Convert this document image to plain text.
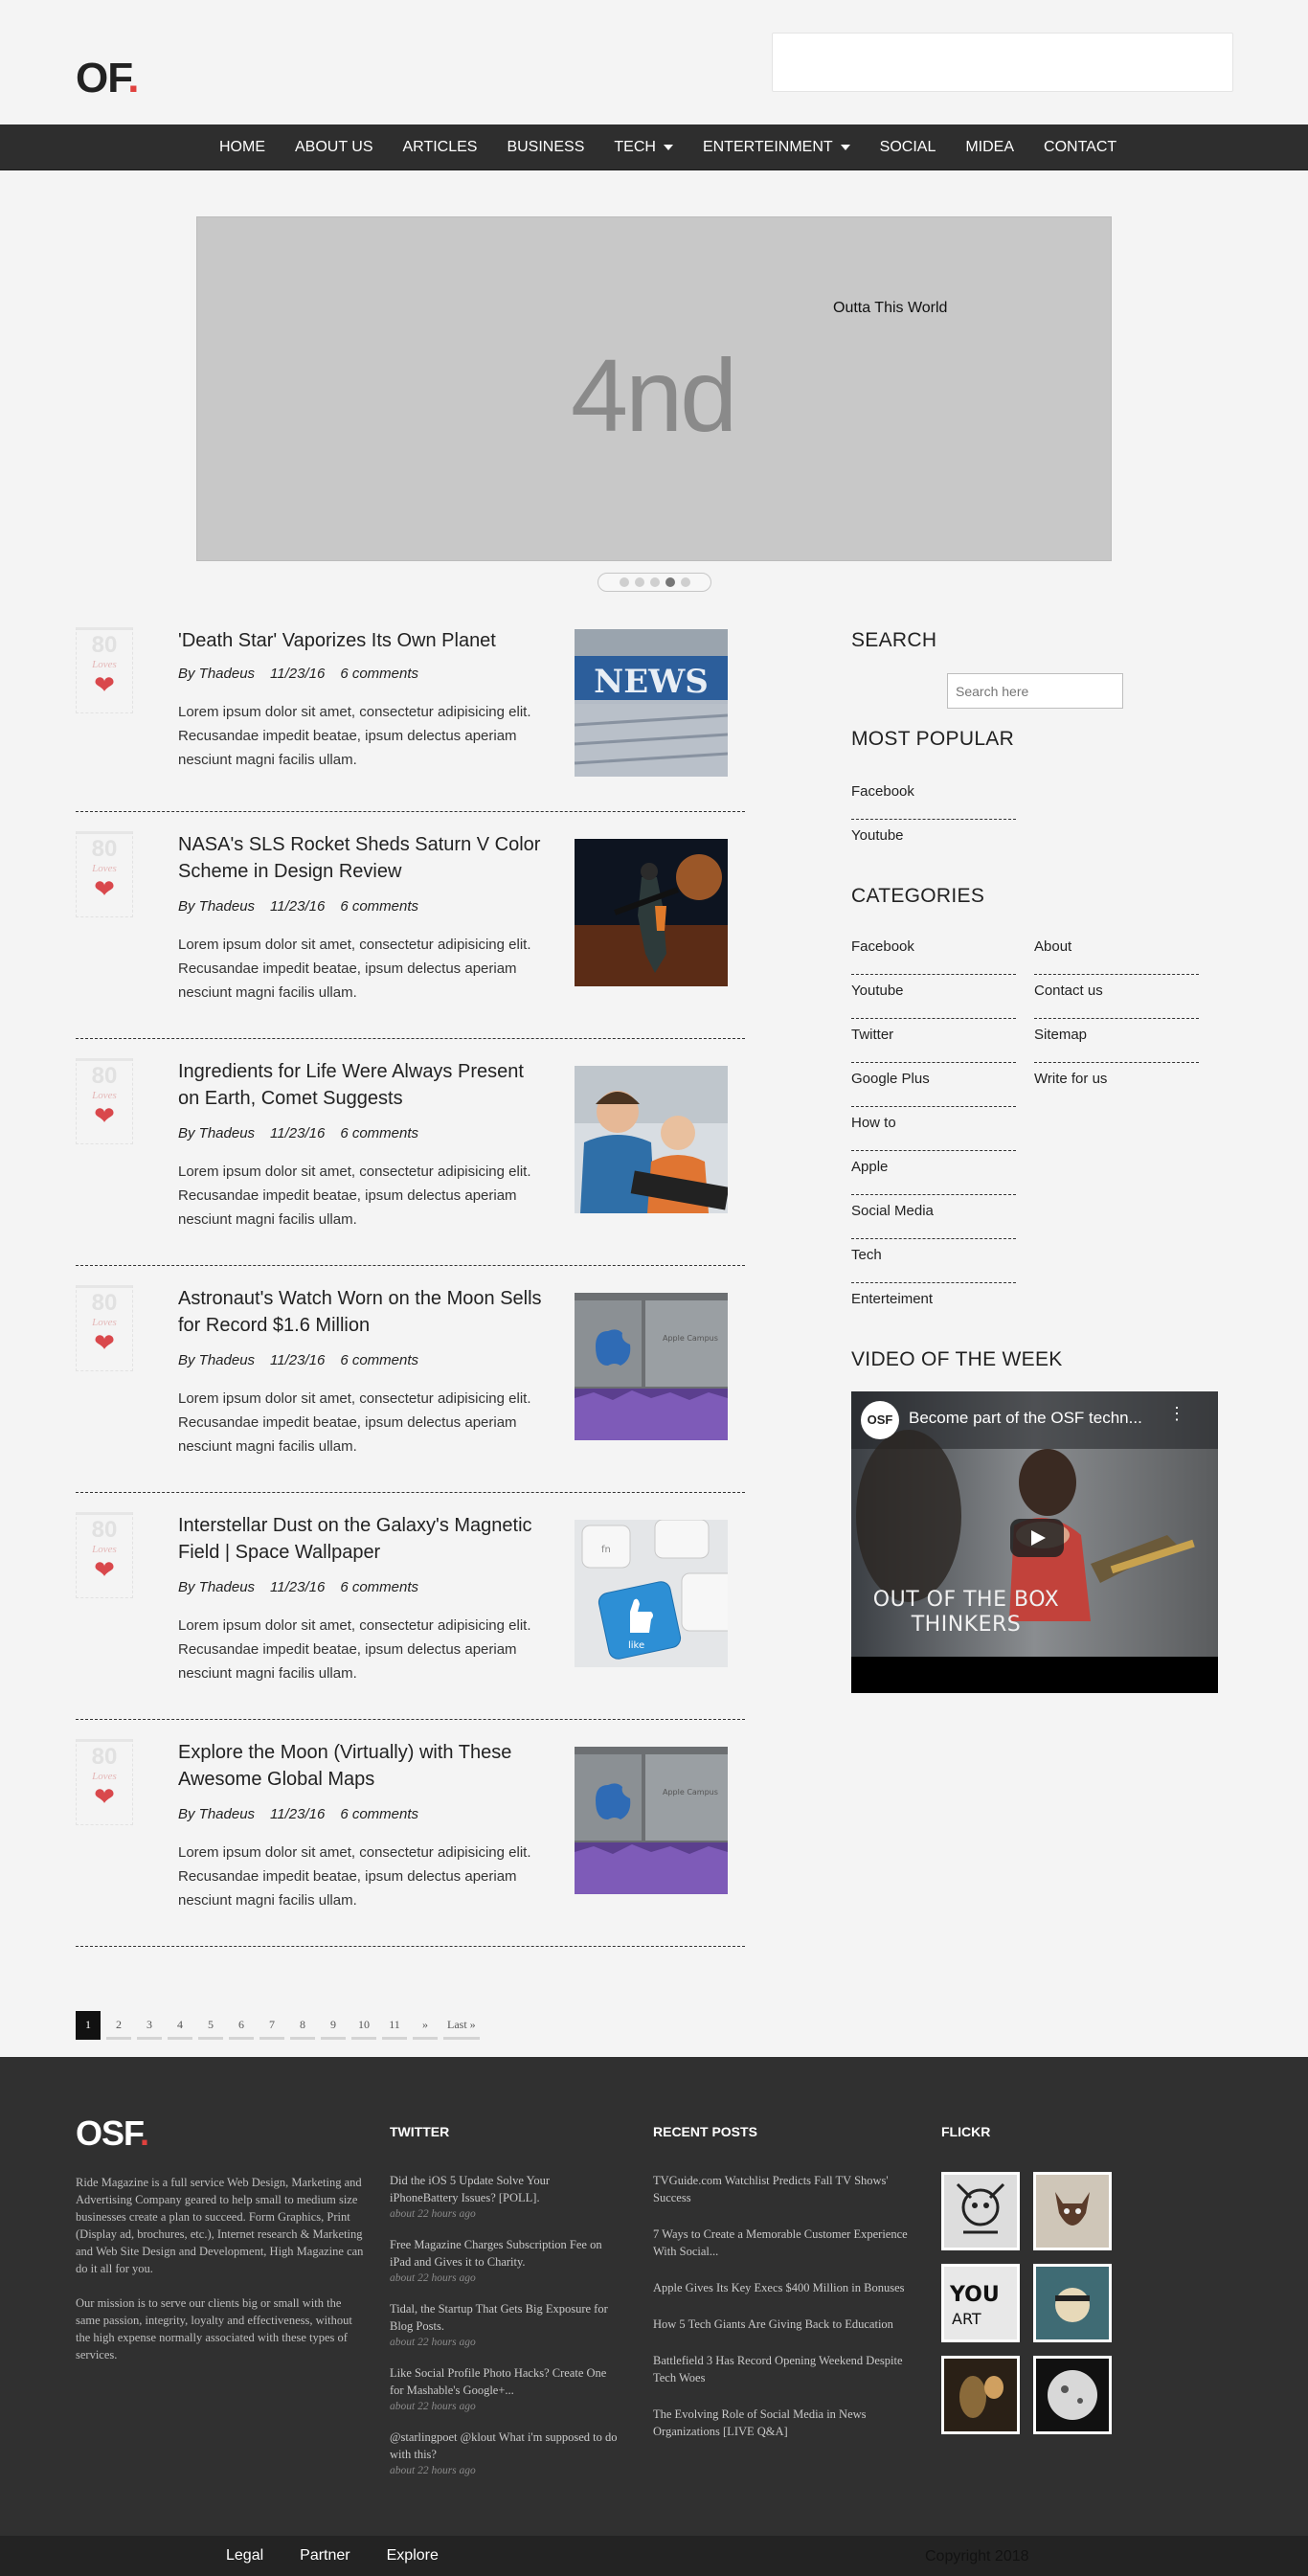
OF.
HOME ABOUT US ARTICLES BUSINESS TECH	ENTERTEINMENT	SOCIAL MIDEA CONTACT
4nd
Outta This World
80
Loves
❤
'Death Star' Vaporizes Its Own Planet
By Thadeus 11/23/16 6 comments

Lorem ipsum dolor sit amet, consectetur adipisicing elit. Recusandae impedit beatae, ipsum delectus aperiam nesciunt magni facilis ullam.

NEWS
80
Loves
❤
NASA's SLS Rocket Sheds Saturn V Color Scheme in Design Review
By Thadeus 11/23/16 6 comments

Lorem ipsum dolor sit amet, consectetur adipisicing elit. Recusandae impedit beatae, ipsum delectus aperiam nesciunt magni facilis ullam.

80
Loves
❤
Ingredients for Life Were Always Present on Earth, Comet Suggests
By Thadeus 11/23/16 6 comments

Lorem ipsum dolor sit amet, consectetur adipisicing elit. Recusandae impedit beatae, ipsum delectus aperiam nesciunt magni facilis ullam.

80
Loves
❤
Astronaut's Watch Worn on the Moon Sells for Record $1.6 Million
By Thadeus 11/23/16 6 comments

Lorem ipsum dolor sit amet, consectetur adipisicing elit. Recusandae impedit beatae, ipsum delectus aperiam nesciunt magni facilis ullam.

Apple Campus
80
Loves
❤
Interstellar Dust on the Galaxy's Magnetic Field | Space Wallpaper
By Thadeus 11/23/16 6 comments

Lorem ipsum dolor sit amet, consectetur adipisicing elit. Recusandae impedit beatae, ipsum delectus aperiam nesciunt magni facilis ullam.

fn
like
80
Loves
❤
Explore the Moon (Virtually) with These Awesome Global Maps
By Thadeus 11/23/16 6 comments

Lorem ipsum dolor sit amet, consectetur adipisicing elit. Recusandae impedit beatae, ipsum delectus aperiam nesciunt magni facilis ullam.

Apple Campus
1	2	3	4	5	6	7	8	9	10	11	»	Last »
SEARCH
Search here
MOST POPULAR
Facebook
Youtube
CATEGORIES
Facebook
Youtube
Twitter
Google Plus
How to
Apple
Social Media
Tech
Enterteiment
About
Contact us
Sitemap
Write for us
VIDEO OF THE WEEK
OSF Become part of the OSF techn... ⋮
OUT OF THE BOX THINKERS
OSF.

Ride Magazine is a full service Web Design, Marketing and Advertising Company geared to help small to medium size businesses create a plan to succeed. Form Graphics, Print (Display ad, brochures, etc.), Internet research & Marketing and Web Site Design and Development, High Magazine can do it all for you.

Our mission is to serve our clients big or small with the same passion, integrity, loyalty and effectiveness, without the high expense normally associated with these types of services.

TWITTER
Did the iOS 5 Update Solve Your iPhoneBattery Issues? [POLL].
about 22 hours ago
Free Magazine Charges Subscription Fee on iPad and Gives it to Charity.
about 22 hours ago
Tidal, the Startup That Gets Big Exposure for Blog Posts.
about 22 hours ago
Like Social Profile Photo Hacks? Create One for Mashable's Google+...
about 22 hours ago
@starlingpoet @klout What i'm supposed to do with this?
about 22 hours ago
RECENT POSTS
TVGuide.com Watchlist Predicts Fall TV Shows' Success
7 Ways to Create a Memorable Customer Experience With Social...
Apple Gives Its Key Execs $400 Million in Bonuses
How 5 Tech Giants Are Giving Back to Education
Battlefield 3 Has Record Opening Weekend Despite Tech Woes
The Evolving Role of Social Media in News Organizations [LIVE Q&A]
FLICKR
YOU
ART
Legal Partner Explore	Copyright 2018
